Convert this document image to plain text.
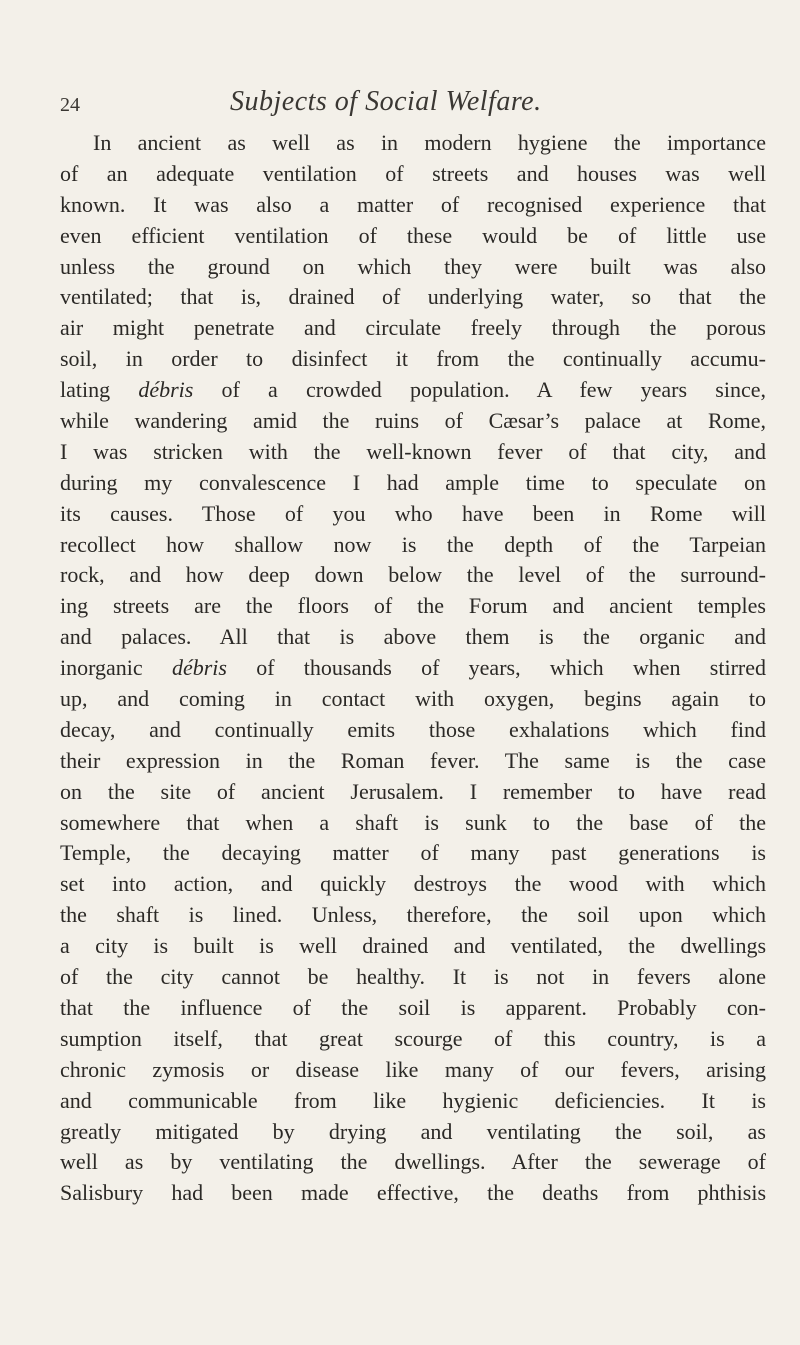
24	Subjects of Social Welfare.
In ancient as well as in modern hygiene the importance
of an adequate ventilation of streets and houses was well
known. It was also a matter of recognised experience that
even efficient ventilation of these would be of little use
unless the ground on which they were built was also
ventilated; that is, drained of underlying water, so that the
air might penetrate and circulate freely through the porous
soil, in order to disinfect it from the continually accumu-
lating débris of a crowded population. A few years since,
while wandering amid the ruins of Cæsar’s palace at Rome,
I was stricken with the well-known fever of that city, and
during my convalescence I had ample time to speculate on
its causes. Those of you who have been in Rome will
recollect how shallow now is the depth of the Tarpeian
rock, and how deep down below the level of the surround-
ing streets are the floors of the Forum and ancient temples
and palaces. All that is above them is the organic and
inorganic débris of thousands of years, which when stirred
up, and coming in contact with oxygen, begins again to
decay, and continually emits those exhalations which find
their expression in the Roman fever. The same is the case
on the site of ancient Jerusalem. I remember to have read
somewhere that when a shaft is sunk to the base of the
Temple, the decaying matter of many past generations is
set into action, and quickly destroys the wood with which
the shaft is lined. Unless, therefore, the soil upon which
a city is built is well drained and ventilated, the dwellings
of the city cannot be healthy. It is not in fevers alone
that the influence of the soil is apparent. Probably con-
sumption itself, that great scourge of this country, is a
chronic zymosis or disease like many of our fevers, arising
and communicable from like hygienic deficiencies. It is
greatly mitigated by drying and ventilating the soil, as
well as by ventilating the dwellings. After the sewerage of
Salisbury had been made effective, the deaths from phthisis
